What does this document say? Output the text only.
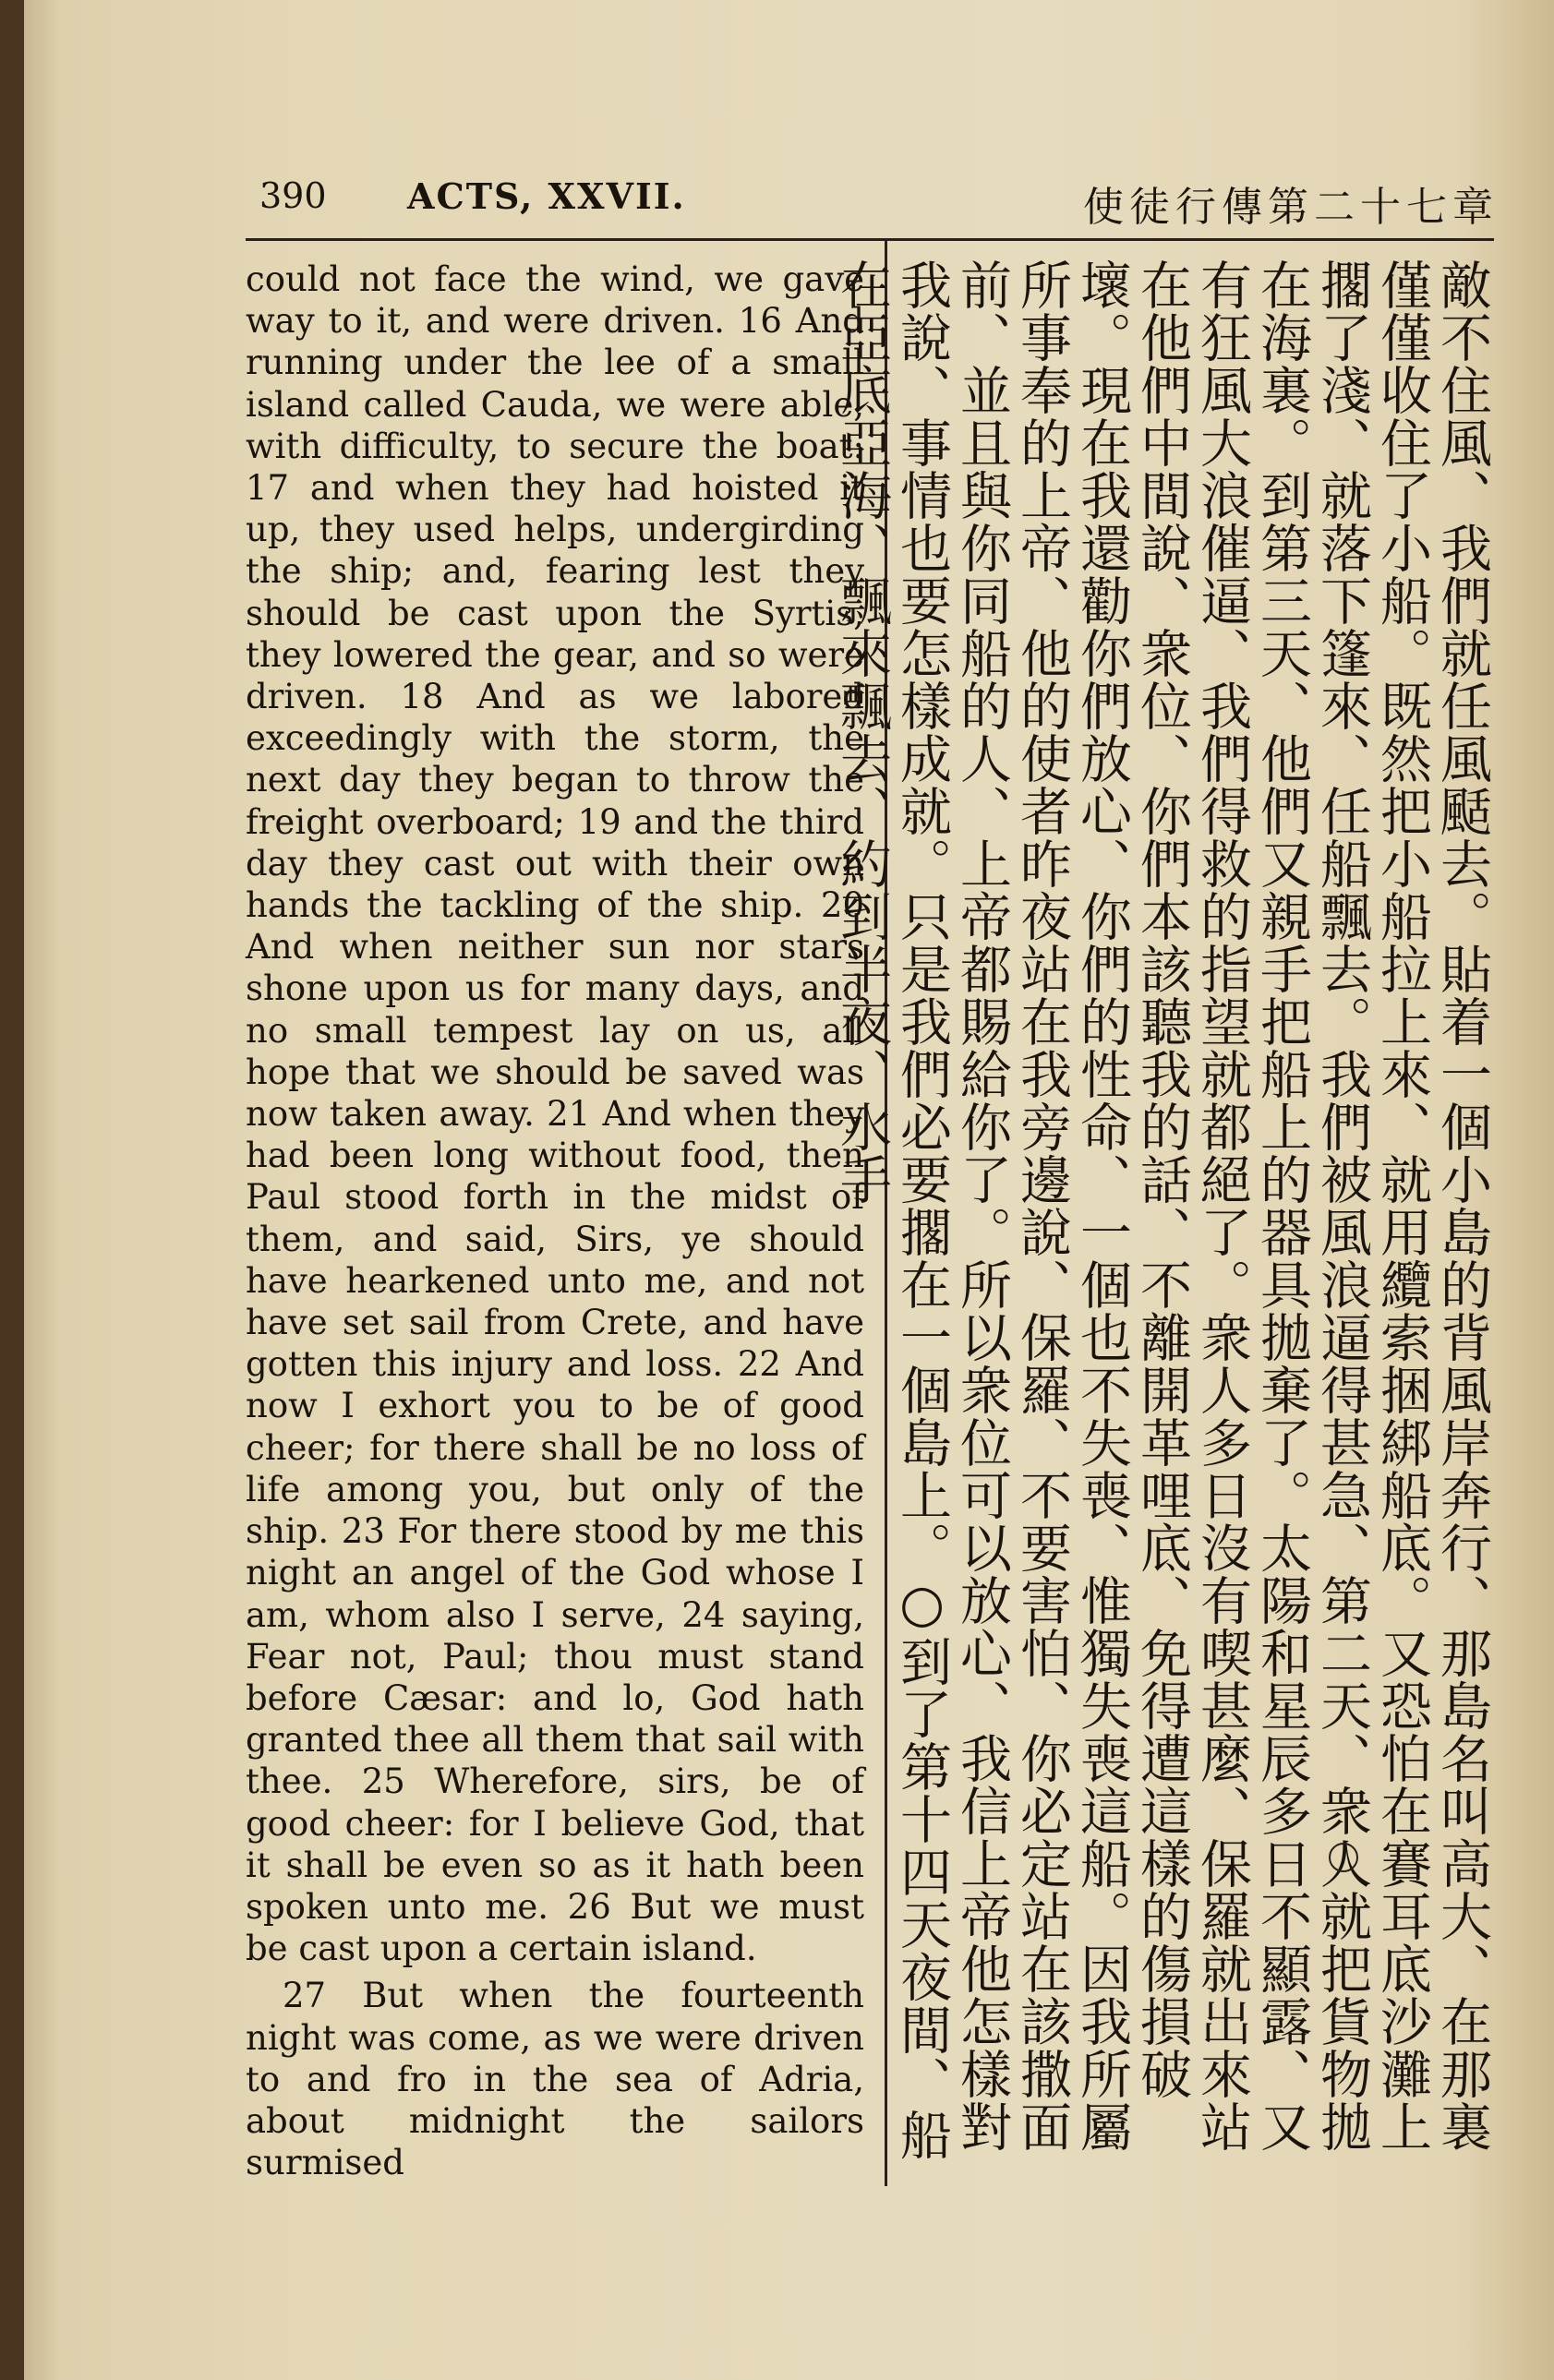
390 ACTS, XXVII.	使徒行傳第二十七章

could not face the wind, we gave way to it, and were driven. 16 And running under the lee of a small island called Cauda, we were able, with difficulty, to secure the boat: 17 and when they had hoisted it up, they used helps, undergirding the ship; and, fearing lest they should be cast upon the Syrtis, they lowered the gear, and so were driven. 18 And as we labored exceedingly with the storm, the next day they began to throw the freight overboard; 19 and the third day they cast out with their own hands the tackling of the ship. 20 And when neither sun nor stars shone upon us for many days, and no small tempest lay on us, all hope that we should be saved was now taken away. 21 And when they had been long without food, then Paul stood forth in the midst of them, and said, Sirs, ye should have hearkened unto me, and not have set sail from Crete, and have gotten this injury and loss. 22 And now I exhort you to be of good cheer; for there shall be no loss of life among you, but only of the ship. 23 For there stood by me this night an angel of the God whose I am, whom also I serve, 24 saying, Fear not, Paul; thou must stand before Cæsar: and lo, God hath granted thee all them that sail with thee. 25 Wherefore, sirs, be of good cheer: for I believe God, that it shall be even so as it hath been spoken unto me. 26 But we must be cast upon a certain island.

27 But when the fourteenth night was come, as we were driven to and fro in the sea of Adria, about midnight the sailors surmised

敵不住風、我們就任風颳去。貼着一個小島的背風岸奔行、那島名叫高大、在那裏僅僅收住了小船。既然把小船拉上來、就用纜索捆綁船底。又恐怕在賽耳底沙灘上擱了淺、就落下篷來、任船飄去。我們被風浪逼得甚急、第二天、衆人就把貨物拋在海裏。到第三天、他們又親手把船上的器具拋棄了。太陽和星辰多日不顯露、又有狂風大浪催逼、我們得救的指望就都絕了。衆人多日沒有喫甚麼、保羅就出來站在他們中間說、衆位、你們本該聽我的話、不離開革哩底、免得遭這樣的傷損破壞。現在我還勸你們放心、你們的性命、一個也不失喪、惟獨失喪這船。因我所屬所事奉的上帝、他的使者昨夜站在我旁邊說、保羅、不要害怕、你必定站在該撒面前、並且與你同船的人、上帝都賜給你了。所以衆位可以放心、我信上帝他怎樣對我說、事情也要怎樣成就。只是我們必要擱在一個島上。○到了第十四天夜間、船在亞底亞海、飄來飄去、約到半夜、水手
